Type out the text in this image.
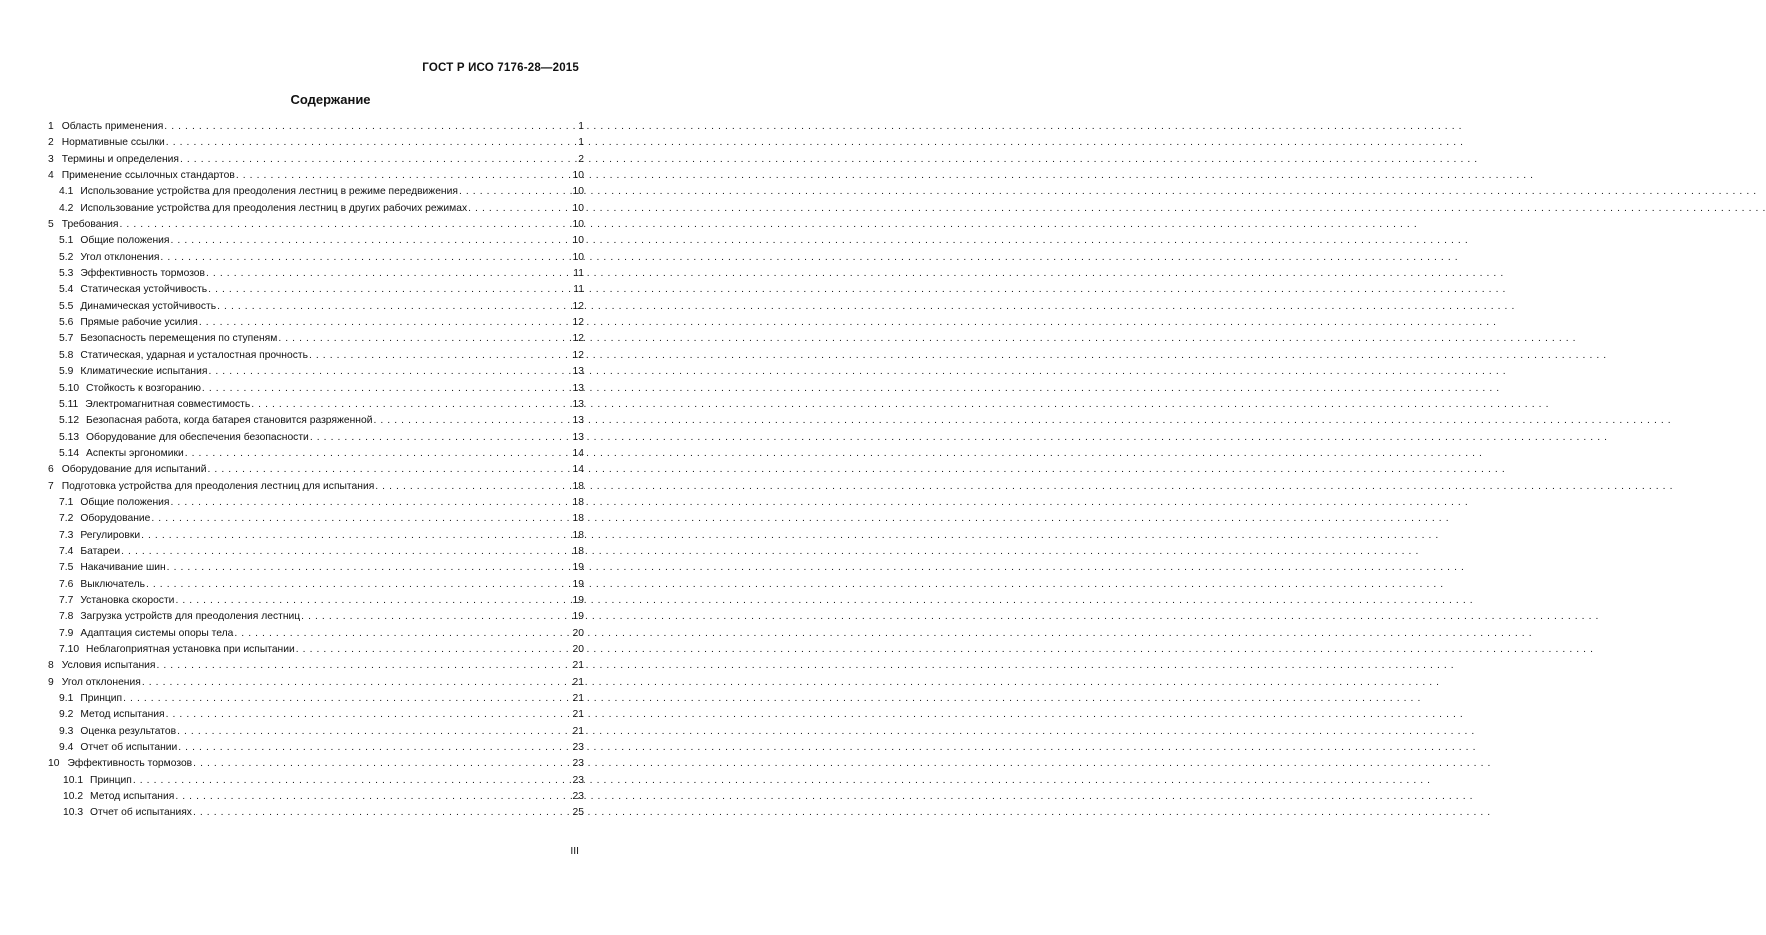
ГОСТ Р ИСО 7176-28—2015
Содержание
1 Область применения . . .	1
2 Нормативные ссылки . . .	1
3 Термины и определения . . .	2
4 Применение ссылочных стандартов . . .	10
4.1 Использование устройства для преодоления лестниц в режиме передвижения . . .	10
4.2 Использование устройства для преодоления лестниц в других рабочих режимах . . .	10
5 Требования . . .	10
5.1 Общие положения . . .	10
5.2 Угол отклонения . . .	10
5.3 Эффективность тормозов . . .	11
5.4 Статическая устойчивость . . .	11
5.5 Динамическая устойчивость . . .	12
5.6 Прямые рабочие усилия . . .	12
5.7 Безопасность перемещения по ступеням . . .	12
5.8 Статическая, ударная и усталостная прочность . . .	12
5.9 Климатические испытания . . .	13
5.10 Стойкость к возгоранию . . .	13
5.11 Электромагнитная совместимость . . .	13
5.12 Безопасная работа, когда батарея становится разряженной . . .	13
5.13 Оборудование для обеспечения безопасности . . .	13
5.14 Аспекты эргономики . . .	14
6 Оборудование для испытаний . . .	14
7 Подготовка устройства для преодоления лестниц для испытания . . .	18
7.1 Общие положения . . .	18
7.2 Оборудование . . .	18
7.3 Регулировки . . .	18
7.4 Батареи . . .	18
7.5 Накачивание шин . . .	19
7.6 Выключатель . . .	19
7.7 Установка скорости . . .	19
7.8 Загрузка устройств для преодоления лестниц . . .	19
7.9 Адаптация системы опоры тела . . .	20
7.10 Неблагоприятная установка при испытании . . .	20
8 Условия испытания . . .	21
9 Угол отклонения . . .	21
9.1 Принцип . . .	21
9.2 Метод испытания . . .	21
9.3 Оценка результатов . . .	21
9.4 Отчет об испытании . . .	23
10 Эффективность тормозов . . .	23
10.1 Принцип . . .	23
10.2 Метод испытания . . .	23
10.3 Отчет об испытаниях . . .	25
III
